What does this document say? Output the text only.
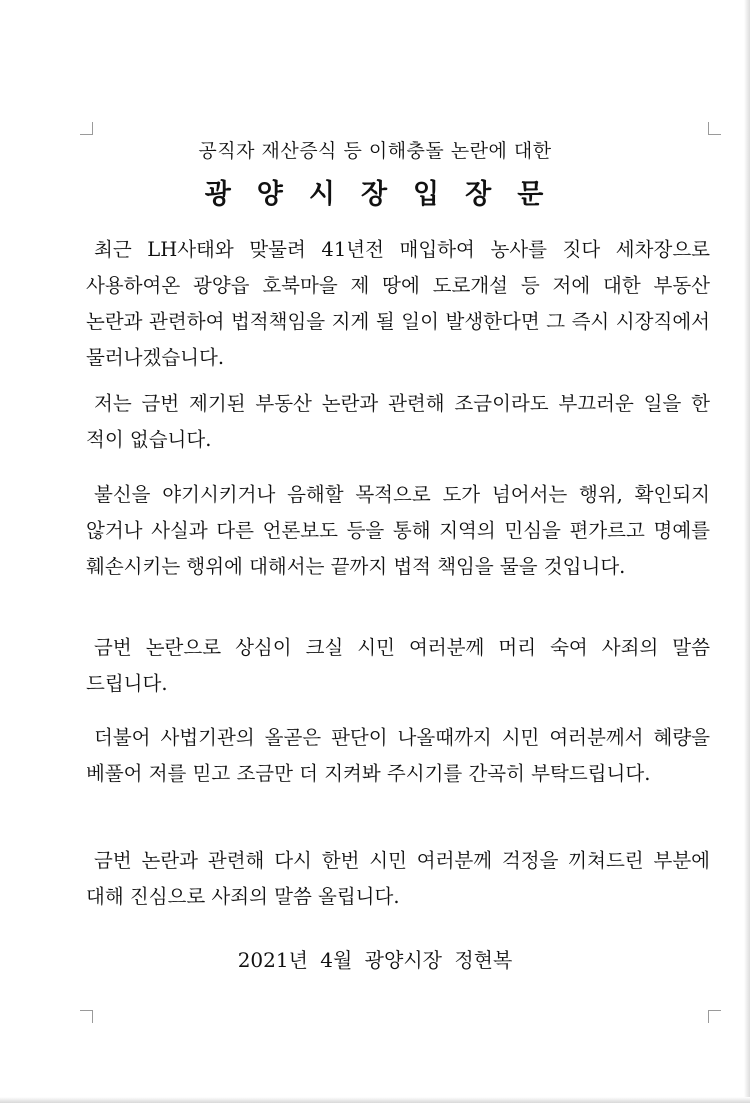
공직자 재산증식 등 이해충돌 논란에 대한
광양시장입장문
최근 LH사태와 맞물려 41년전 매입하여 농사를 짓다 세차장으로 사용하여온 광양읍 호북마을 제 땅에 도로개설 등 저에 대한 부동산 논란과 관련하여 법적책임을 지게 될 일이 발생한다면 그 즉시 시장직에서 물러나겠습니다.
저는 금번 제기된 부동산 논란과 관련해 조금이라도 부끄러운 일을 한 적이 없습니다.
불신을 야기시키거나 음해할 목적으로 도가 넘어서는 행위, 확인되지 않거나 사실과 다른 언론보도 등을 통해 지역의 민심을 편가르고 명예를 훼손시키는 행위에 대해서는 끝까지 법적 책임을 물을 것입니다.
금번 논란으로 상심이 크실 시민 여러분께 머리 숙여 사죄의 말씀 드립니다.
더불어 사법기관의 올곧은 판단이 나올때까지 시민 여러분께서 혜량을 베풀어 저를 믿고 조금만 더 지켜봐 주시기를 간곡히 부탁드립니다.
금번 논란과 관련해 다시 한번 시민 여러분께 걱정을 끼쳐드린 부분에 대해 진심으로 사죄의 말씀 올립니다.
2021년 4월 광양시장 정현복
